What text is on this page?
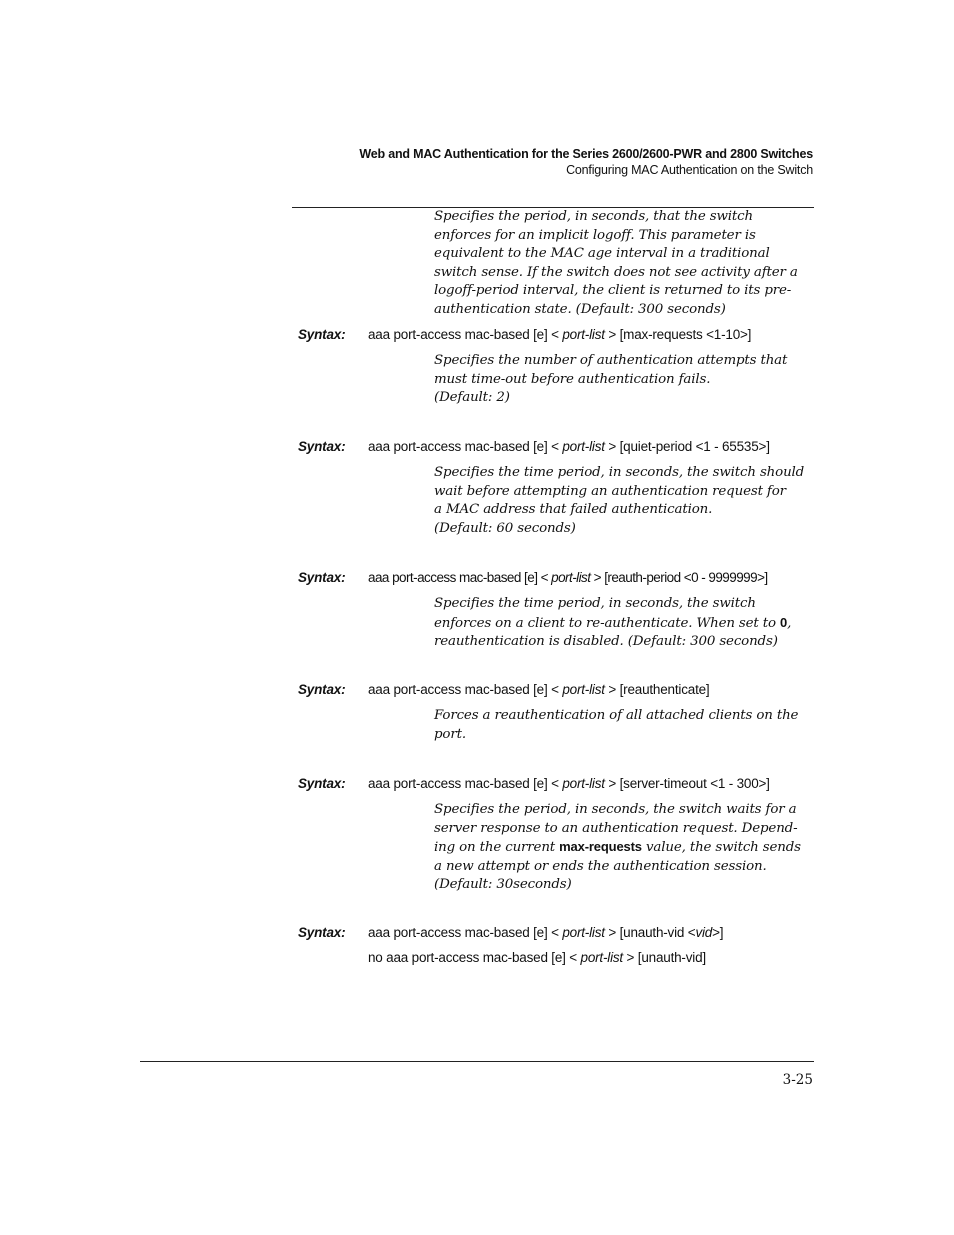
Web and MAC Authentication for the Series 2600/2600-PWR and 2800 Switches
Configuring MAC Authentication on the Switch
Specifies the period, in seconds, that the switch
enforces for an implicit logoff. This parameter is
equivalent to the MAC age interval in a traditional
switch sense. If the switch does not see activity after a
logoff-period interval, the client is returned to its pre-
authentication state. (Default: 300 seconds)
Syntax: aaa port-access mac-based [e] < port-list > [max-requests <1-10>]
Specifies the number of authentication attempts that
must time-out before authentication fails.
(Default: 2)
Syntax: aaa port-access mac-based [e] < port-list > [quiet-period <1 - 65535>]
Specifies the time period, in seconds, the switch should
wait before attempting an authentication request for
a MAC address that failed authentication.
(Default: 60 seconds)
Syntax: aaa port-access mac-based [e] < port-list > [reauth-period <0 - 9999999>]
Specifies the time period, in seconds, the switch
enforces on a client to re-authenticate. When set to 0,
reauthentication is disabled. (Default: 300 seconds)
Syntax: aaa port-access mac-based [e] < port-list > [reauthenticate]
Forces a reauthentication of all attached clients on the
port.
Syntax: aaa port-access mac-based [e] < port-list > [server-timeout <1 - 300>]
Specifies the period, in seconds, the switch waits for a
server response to an authentication request. Depend-
ing on the current max-requests value, the switch sends
a new attempt or ends the authentication session.
(Default: 30seconds)
Syntax: aaa port-access mac-based [e] < port-list > [unauth-vid <vid>]
no aaa port-access mac-based [e] < port-list > [unauth-vid]
3-25
